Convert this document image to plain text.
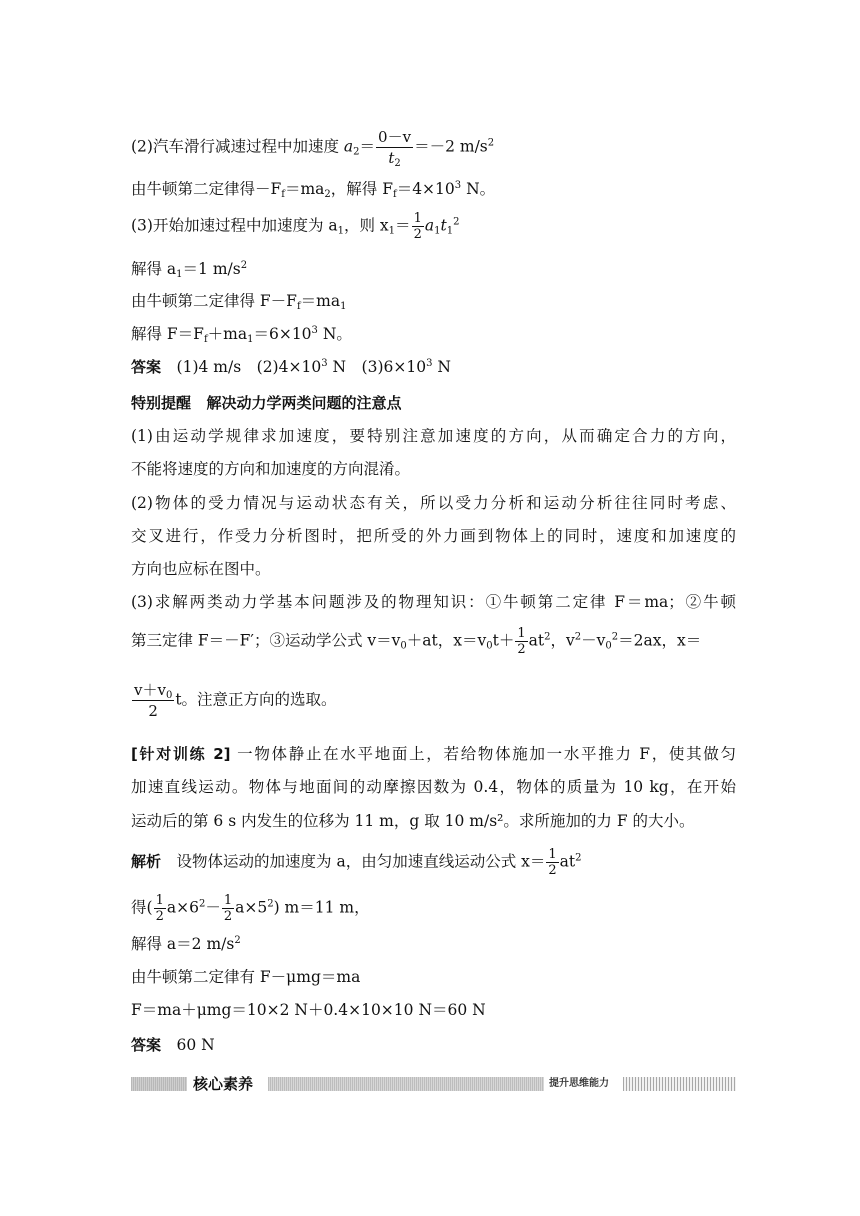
(2)汽车滑行减速过程中加速度 $a_2= \frac{0-v}{t_2} =-2$ $m/s^2$
由牛顿第二定律得$-F_f=ma_2$，解得 $F_f=4\times 10^3$ N。
(3)开始加速过程中加速度为 $a_1$，则 $x_1= \frac{1}{2} a_1t_1^2$
解得 $a_1=1$ $m/s^2$
由牛顿第二定律得 $F-F_f=ma_1$
解得 $F=F_f+ma_1=6\times 10^3$ N。
答案　 (1)4 m/s　$(2)4\times 10^3$ N　$(3)6\times 10^3$ N
特别提醒　 解决动力学两类问题的注意点
(1)由运动学规律求加速度，要特别注意加速度的方向，从而确定合力的方向，
不能将速度的方向和加速度的方向混淆。
(2)物体的受力情况与运动状态有关，所以受力分析和运动分析往往同时考虑、
交叉进行，作受力分析图时，把所受的外力画到物体上的同时，速度和加速度的
方向也应标在图中。
(3)求解两类动力学基本问题涉及的物理知识：①牛顿第二定律 F＝ma；②牛顿
第三定律 F＝－F′；③运动学公式 $v=v_0+at$，$x=v_0t+ \frac{1}{2} at^2$，$v^2-v_0^2=2ax$，x＝
$\frac{v+v_0}{2}$ t。注意正方向的选取。
[针对训练 2] 一物体静止在水平地面上，若给物体施加一水平推力 F，使其做匀
加速直线运动。物体与地面间的动摩擦因数为 0.4，物体的质量为 10 kg，在开始
运动后的第 6 s 内发生的位移为 11 m，g 取 10 m/s²。求所施加的力 F 的大小。
解析　 设物体运动的加速度为 a，由匀加速直线运动公式 $x= \frac{1}{2} at^2$
得( $\frac{1}{2} a\times 6^2- \frac{1}{2} a\times 5^2$) m＝11 m，
解得 a＝2 $m/s^2$
由牛顿第二定律有 F－μmg＝ma
F＝ma＋μmg＝10×2 N＋0.4×10×10 N＝60 N
答案　 60 N
核心素养	提升思维能力
